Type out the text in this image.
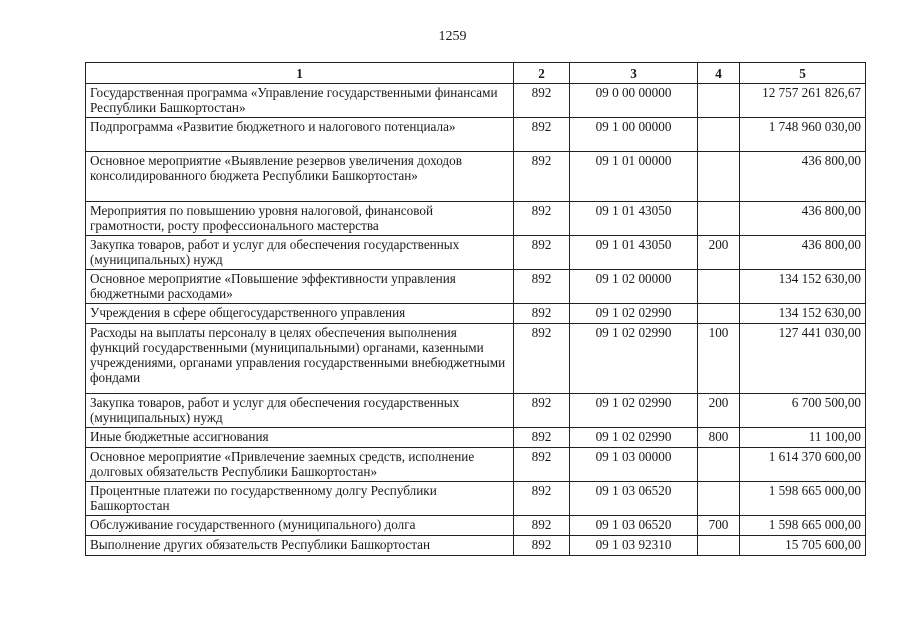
1259
1	2	3	4	5
Государственная программа «Управление государственными финансами Республики Башкортостан»	892	09 0 00 00000		12 757 261 826,67
Подпрограмма «Развитие бюджетного и налогового потенциала»	892	09 1 00 00000		1 748 960 030,00
Основное мероприятие «Выявление резервов увеличения доходов консолидированного бюджета Республики Башкортостан»	892	09 1 01 00000		436 800,00
Мероприятия по повышению уровня налоговой, финансовой грамотности, росту профессионального мастерства	892	09 1 01 43050		436 800,00
Закупка товаров, работ и услуг для обеспечения государственных (муниципальных) нужд	892	09 1 01 43050	200	436 800,00
Основное мероприятие «Повышение эффективности управления бюджетными расходами»	892	09 1 02 00000		134 152 630,00
Учреждения в сфере общегосударственного управления	892	09 1 02 02990		134 152 630,00
Расходы на выплаты персоналу в целях обеспечения выполнения функций государственными (муниципальными) органами, казенными учреждениями, органами управления государственными внебюджетными фондами	892	09 1 02 02990	100	127 441 030,00
Закупка товаров, работ и услуг для обеспечения государственных (муниципальных) нужд	892	09 1 02 02990	200	6 700 500,00
Иные бюджетные ассигнования	892	09 1 02 02990	800	11 100,00
Основное мероприятие «Привлечение заемных средств, исполнение долговых обязательств Республики Башкортостан»	892	09 1 03 00000		1 614 370 600,00
Процентные платежи по государственному долгу Республики Башкортостан	892	09 1 03 06520		1 598 665 000,00
Обслуживание государственного (муниципального) долга	892	09 1 03 06520	700	1 598 665 000,00
Выполнение других обязательств Республики Башкортостан	892	09 1 03 92310		15 705 600,00
